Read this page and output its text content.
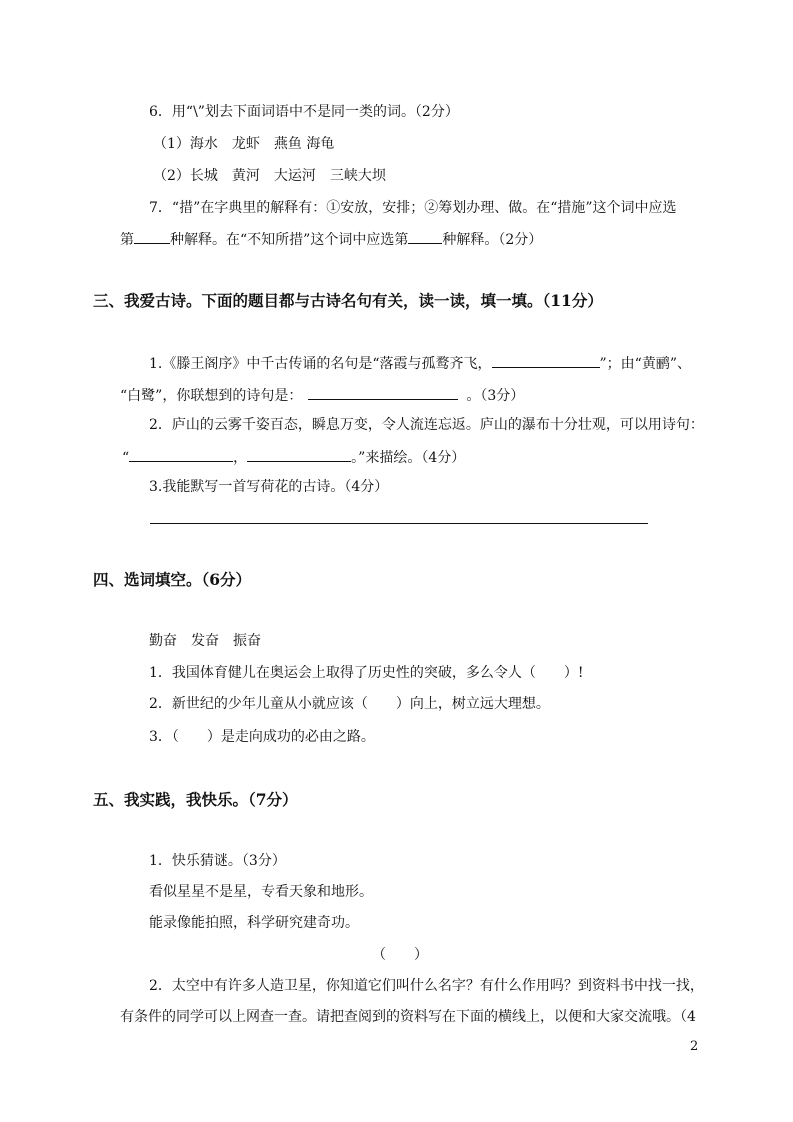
6．用“\”划去下面词语中不是同一类的词。（2分）
（1）海水　龙虾　燕鱼 海龟
（2）长城　黄河　大运河　三峡大坝
7．“措”在字典里的解释有：①安放，安排；②筹划办理、做。在“措施”这个词中应选
第	种解释。在“不知所措”这个词中应选第 种解释。（2分）
三、我爱古诗。下面的题目都与古诗名句有关，读一读，填一填。（11分）
1.《滕王阁序》中千古传诵的名句是“落霞与孤鹜齐飞，	”；由“黄鹂”、
“白鹭”，你联想到的诗句是：	。（3分）
2．庐山的云雾千姿百态，瞬息万变，令人流连忘返。庐山的瀑布十分壮观，可以用诗句：
“	，	。”来描绘。（4分）
3.我能默写一首写荷花的古诗。（4分）
四、选词填空。（6分）
勤奋　发奋　振奋
1．我国体育健儿在奥运会上取得了历史性的突破，多么令人（　　）!
2．新世纪的少年儿童从小就应该（　　）向上，树立远大理想。
3．（　　）是走向成功的必由之路。
五、我实践，我快乐。（7分）
1．快乐猜谜。（3分）
看似星星不是星，专看天象和地形。
能录像能拍照，科学研究建奇功。
（　　）
2．太空中有许多人造卫星，你知道它们叫什么名字？有什么作用吗？到资料书中找一找，
有条件的同学可以上网查一查。请把查阅到的资料写在下面的横线上，以便和大家交流哦。（4
2
